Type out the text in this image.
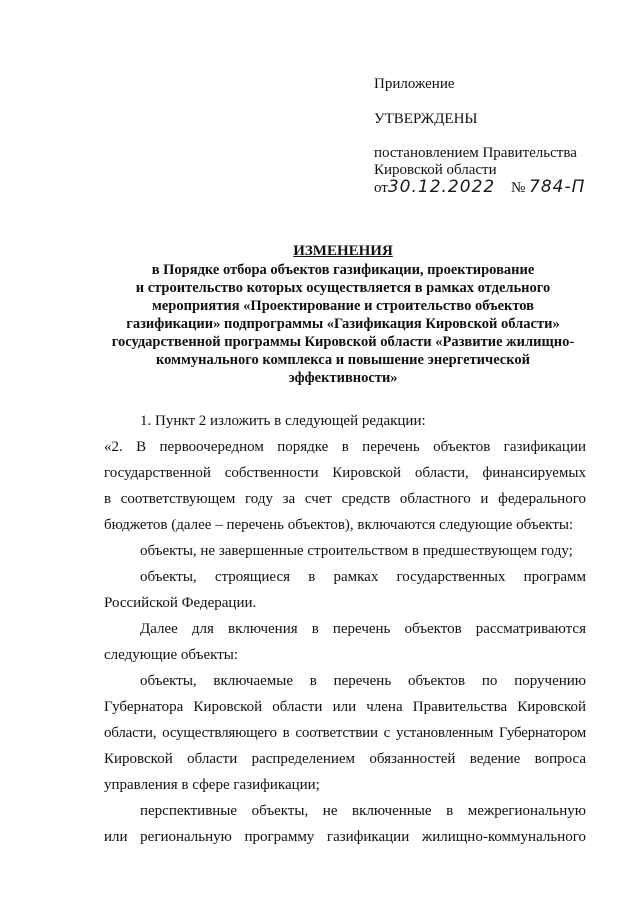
Приложение
УТВЕРЖДЕНЫ
постановлением Правительства
Кировской области
от30.12.2022 № 784-П
ИЗМЕНЕНИЯ
в Порядке отбора объектов газификации, проектирование
и строительство которых осуществляется в рамках отдельного
мероприятия «Проектирование и строительство объектов
газификации» подпрограммы «Газификация Кировской области»
государственной программы Кировской области «Развитие жилищно-
коммунального комплекса и повышение энергетической
эффективности»
1. Пункт 2 изложить в следующей редакции:
«2. В первоочередном порядке в перечень объектов газификации
государственной собственности Кировской области, финансируемых
в соответствующем году за счет средств областного и федерального
бюджетов (далее – перечень объектов), включаются следующие объекты:
объекты, не завершенные строительством в предшествующем году;
объекты, строящиеся в рамках государственных программ
Российской Федерации.
Далее для включения в перечень объектов рассматриваются
следующие объекты:
объекты, включаемые в перечень объектов по поручению
Губернатора Кировской области или члена Правительства Кировской
области, осуществляющего в соответствии с установленным Губернатором
Кировской области распределением обязанностей ведение вопроса
управления в сфере газификации;
перспективные объекты, не включенные в межрегиональную
или региональную программу газификации жилищно-коммунального
